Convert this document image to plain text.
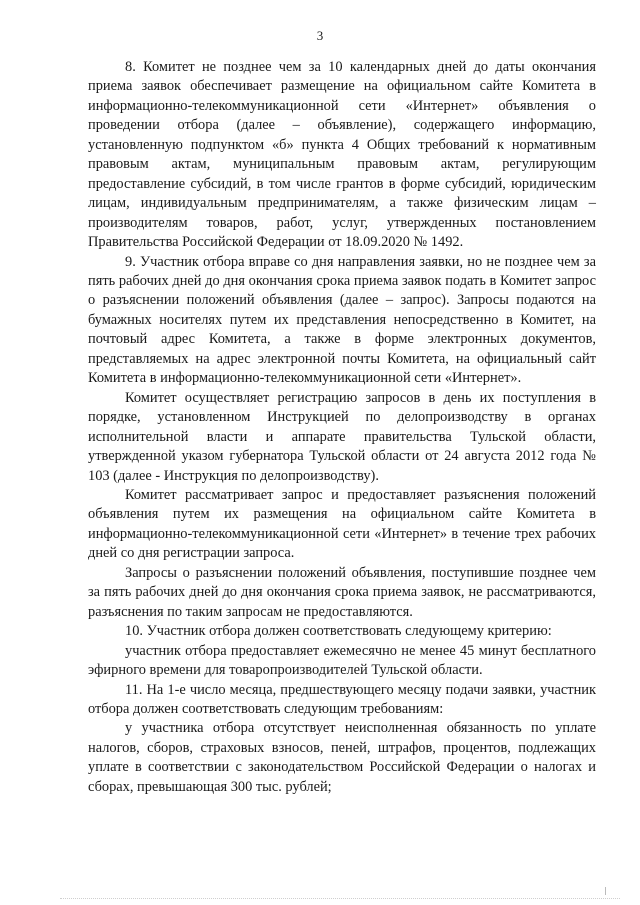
3

8. Комитет не позднее чем за 10 календарных дней до даты окончания приема заявок обеспечивает размещение на официальном сайте Комитета в информационно-телекоммуникационной сети «Интернет» объявления о проведении отбора (далее – объявление), содержащего информацию, установленную подпунктом «б» пункта 4 Общих требований к нормативным правовым актам, муниципальным правовым актам, регулирующим предоставление субсидий, в том числе грантов в форме субсидий, юридическим лицам, индивидуальным предпринимателям, а также физическим лицам – производителям товаров, работ, услуг, утвержденных постановлением Правительства Российской Федерации от 18.09.2020 № 1492.

9. Участник отбора вправе со дня направления заявки, но не позднее чем за пять рабочих дней до дня окончания срока приема заявок подать в Комитет запрос о разъяснении положений объявления (далее – запрос). Запросы подаются на бумажных носителях путем их представления непосредственно в Комитет, на почтовый адрес Комитета, а также в форме электронных документов, представляемых на адрес электронной почты Комитета, на официальный сайт Комитета в информационно-телекоммуникационной сети «Интернет».

Комитет осуществляет регистрацию запросов в день их поступления в порядке, установленном Инструкцией по делопроизводству в органах исполнительной власти и аппарате правительства Тульской области, утвержденной указом губернатора Тульской области от 24 августа 2012 года № 103 (далее - Инструкция по делопроизводству).

Комитет рассматривает запрос и предоставляет разъяснения положений объявления путем их размещения на официальном сайте Комитета в информационно-телекоммуникационной сети «Интернет» в течение трех рабочих дней со дня регистрации запроса.

Запросы о разъяснении положений объявления, поступившие позднее чем за пять рабочих дней до дня окончания срока приема заявок, не рассматриваются, разъяснения по таким запросам не предоставляются.

10. Участник отбора должен соответствовать следующему критерию:

участник отбора предоставляет ежемесячно не менее 45 минут бесплатного эфирного времени для товаропроизводителей Тульской области.

11. На 1-е число месяца, предшествующего месяцу подачи заявки, участник отбора должен соответствовать следующим требованиям:

у участника отбора отсутствует неисполненная обязанность по уплате налогов, сборов, страховых взносов, пеней, штрафов, процентов, подлежащих уплате в соответствии с законодательством Российской Федерации о налогах и сборах, превышающая 300 тыс. рублей;
